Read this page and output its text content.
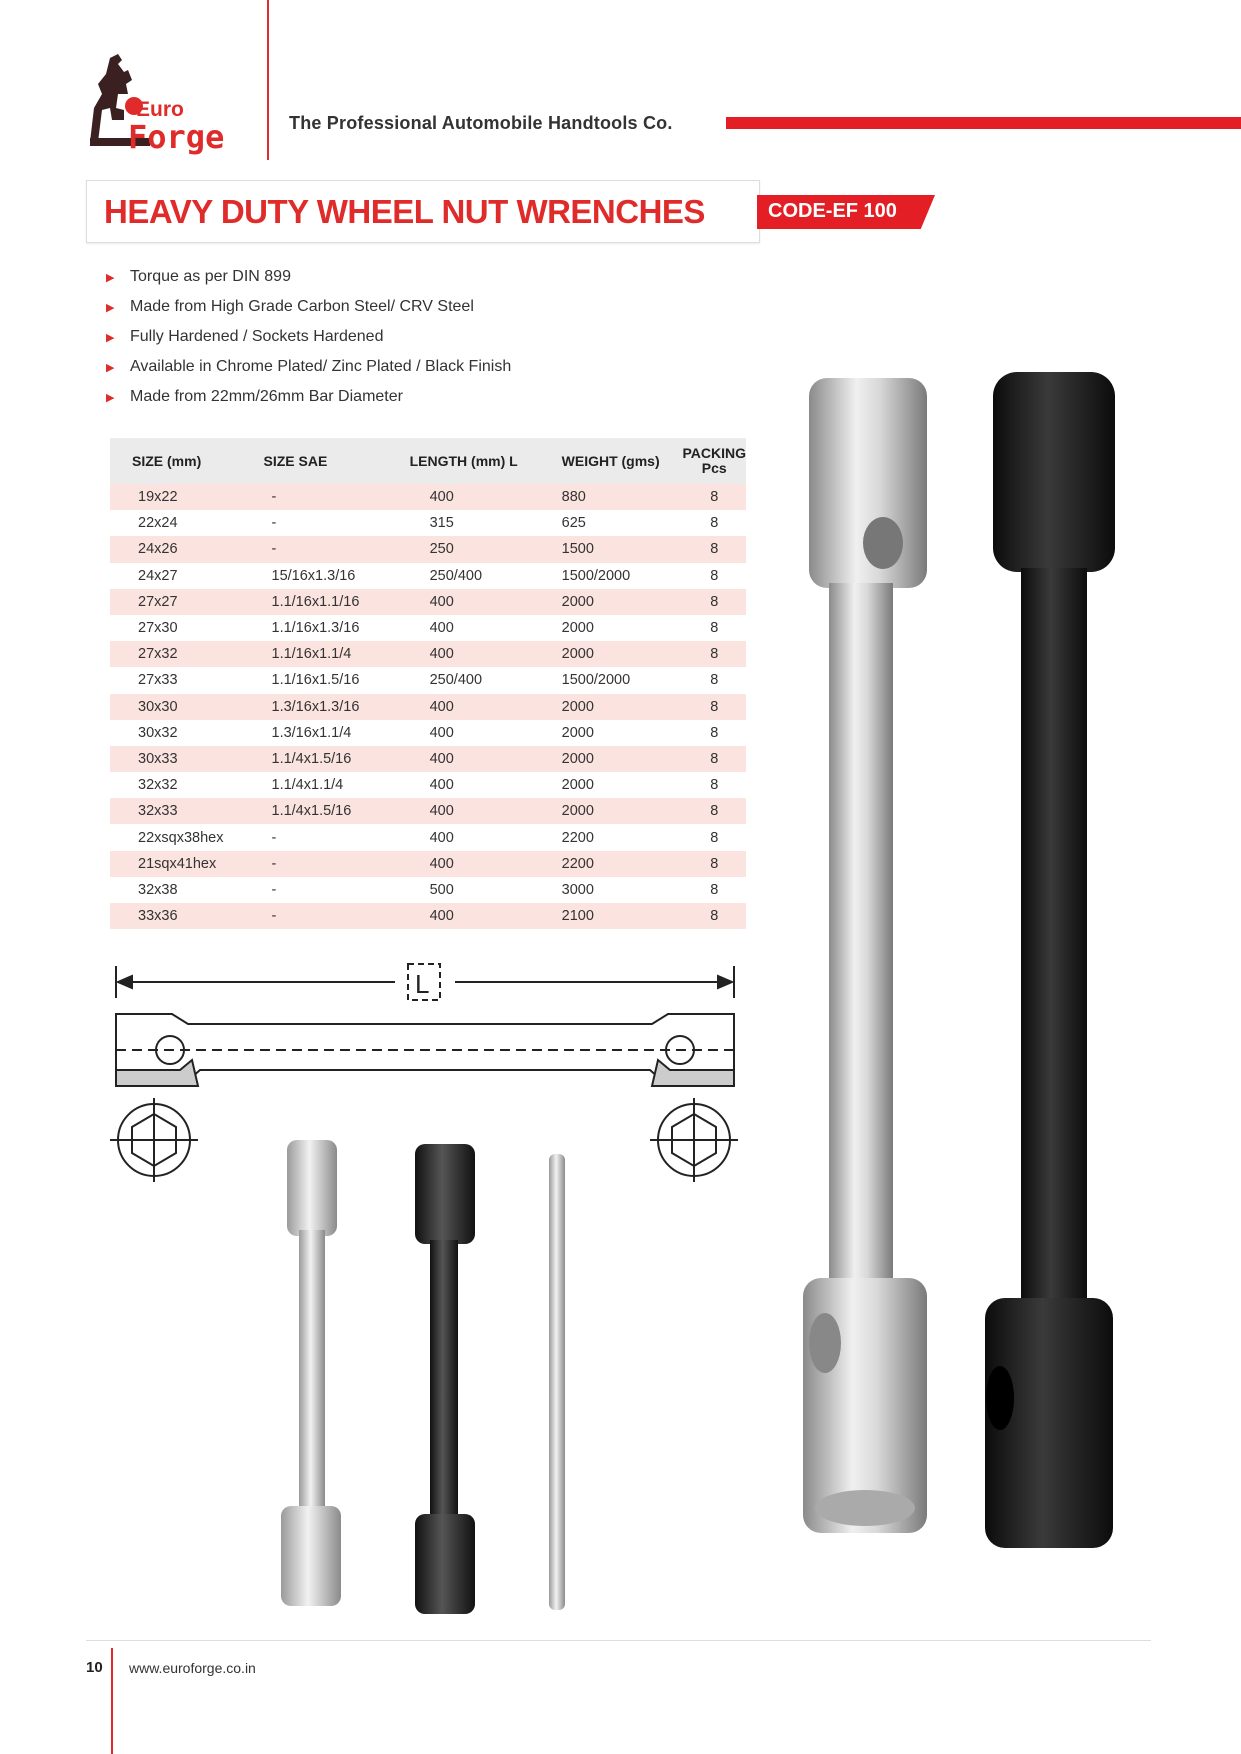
Euro
Forge	The Professional Automobile Handtools Co.
HEAVY DUTY WHEEL NUT WRENCHES	CODE-EF 100
▶ Torque as per DIN 899
▶ Made from High Grade Carbon Steel/ CRV Steel
▶ Fully Hardened / Sockets Hardened
▶ Available in Chrome Plated/ Zinc Plated / Black Finish
▶ Made from 22mm/26mm Bar Diameter
SIZE (mm)	SIZE SAE	LENGTH (mm) L	WEIGHT (gms)	PACKING
Pcs
19x22	-	400	880	8
22x24	-	315	625	8
24x26	-	250	1500	8
24x27	15/16x1.3/16	250/400	1500/2000	8
27x27	1.1/16x1.1/16	400	2000	8
27x30	1.1/16x1.3/16	400	2000	8
27x32	1.1/16x1.1/4	400	2000	8
27x33	1.1/16x1.5/16	250/400	1500/2000	8
30x30	1.3/16x1.3/16	400	2000	8
30x32	1.3/16x1.1/4	400	2000	8
30x33	1.1/4x1.5/16	400	2000	8
32x32	1.1/4x1.1/4	400	2000	8
32x33	1.1/4x1.5/16	400	2000	8
22xsqx38hex	-	400	2200	8
21sqx41hex	-	400	2200	8
32x38	-	500	3000	8
33x36	-	400	2100	8
L
10 www.euroforge.co.in
